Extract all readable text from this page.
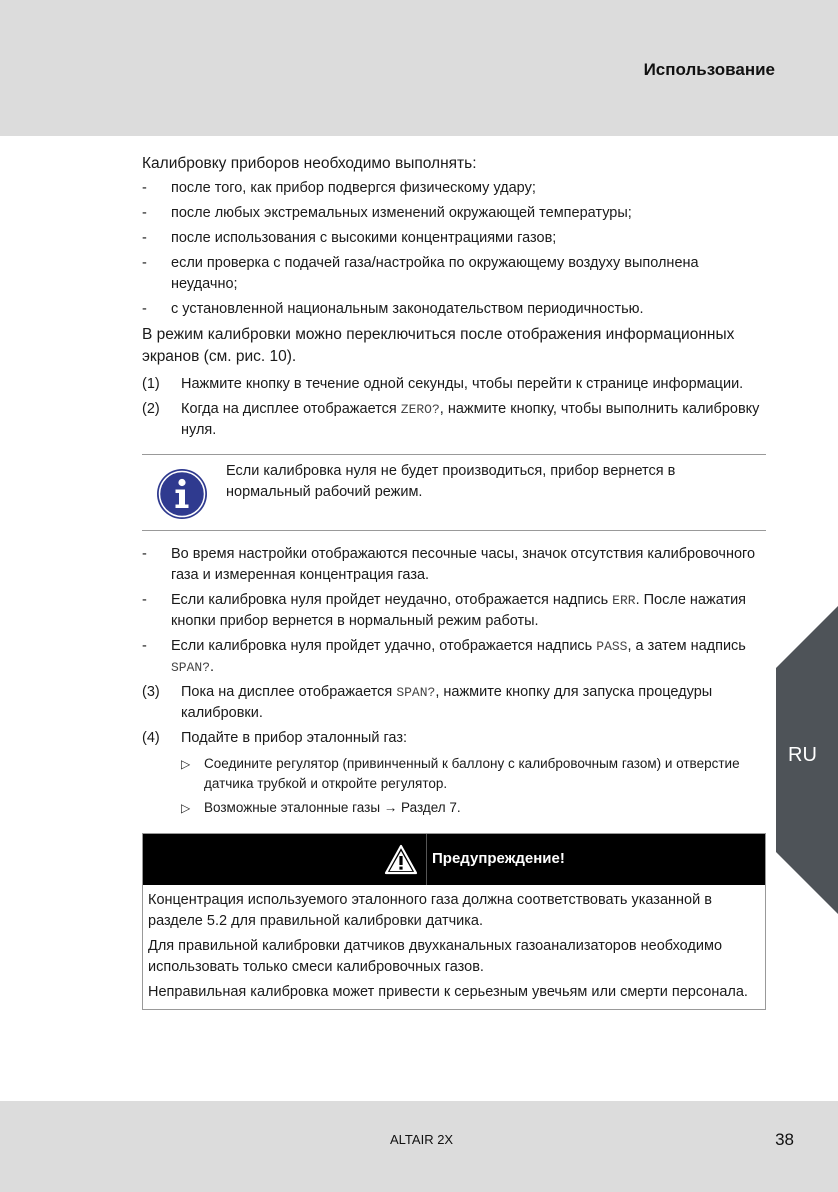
Использование
RU

Калибровку приборов необходимо выполнять:

- после того, как прибор подвергся физическому удару;
- после любых экстремальных изменений окружающей температуры;
- после использования с высокими концентрациями газов;
- если проверка с подачей газа/настройка по окружающему воздуху выполнена неудачно;
- с установленной национальным законодательством периодичностью.

В режим калибровки можно переключиться после отображения информационных экранов (см. рис. 10).

(1) Нажмите кнопку в течение одной секунды, чтобы перейти к странице информации.
(2) Когда на дисплее отображается ZERO?, нажмите кнопку, чтобы выполнить калибровку нуля.
Если калибровка нуля не будет производиться, прибор вернется в нормальный рабочий режим.
- Во время настройки отображаются песочные часы, значок отсутствия калибровочного газа и измеренная концентрация газа.
- Если калибровка нуля пройдет неудачно, отображается надпись ERR. После нажатия кнопки прибор вернется в нормальный режим работы.
- Если калибровка нуля пройдет удачно, отображается надпись PASS, а затем надпись SPAN?.
(3) Пока на дисплее отображается SPAN?, нажмите кнопку для запуска процедуры калибровки.
(4) Подайте в прибор эталонный газ:
▷ Соедините регулятор (привинченный к баллону с калибровочным газом) и отверстие датчика трубкой и откройте регулятор.
▷ Возможные эталонные газы → Раздел 7.
Предупреждение!

Концентрация используемого эталонного газа должна соответствовать указанной в разделе 5.2 для правильной калибровки датчика.

Для правильной калибровки датчиков двухканальных газоанализаторов необходимо использовать только смеси калибровочных газов.

Неправильная калибровка может привести к серьезным увечьям или смерти персонала.

ALTAIR 2X	38
